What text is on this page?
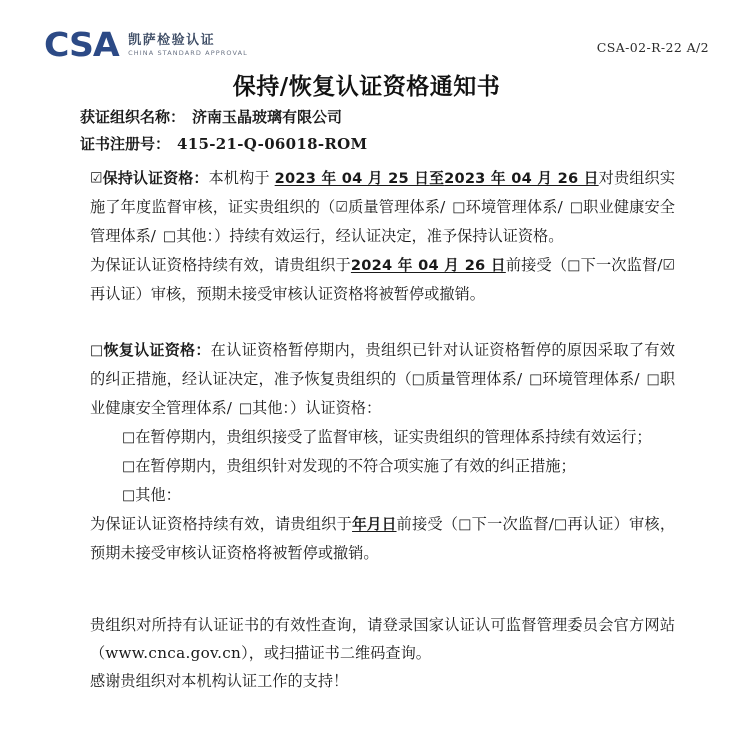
CSA 凯萨检验认证
CHINA STANDARD APPROVAL	CSA-02-R-22 A/2
保持/恢复认证资格通知书
获证组织名称： 济南玉晶玻璃有限公司
证书注册号： 415-21-Q-06018-ROM

☑保持认证资格：本机构于 2023 年 04 月 25 日至2023 年 04 月 26 日对贵组织实施了年度监督审核，证实贵组织的（☑质量管理体系/ □环境管理体系/ □职业健康安全管理体系/ □其他：）持续有效运行，经认证决定，准予保持认证资格。

为保证认证资格持续有效，请贵组织于2024 年 04 月 26 日前接受（□下一次监督/☑再认证）审核，预期未接受审核认证资格将被暂停或撤销。

□恢复认证资格：在认证资格暂停期内，贵组织已针对认证资格暂停的原因采取了有效的纠正措施，经认证决定，准予恢复贵组织的（□质量管理体系/ □环境管理体系/ □职业健康安全管理体系/ □其他：）认证资格：

□在暂停期内，贵组织接受了监督审核，证实贵组织的管理体系持续有效运行；

□在暂停期内，贵组织针对发现的不符合项实施了有效的纠正措施；

□其他：

为保证认证资格持续有效，请贵组织于年月日前接受（□下一次监督/□再认证）审核，预期未接受审核认证资格将被暂停或撤销。

贵组织对所持有认证证书的有效性查询，请登录国家认证认可监督管理委员会官方网站（www.cnca.gov.cn），或扫描证书二维码查询。

感谢贵组织对本机构认证工作的支持！
